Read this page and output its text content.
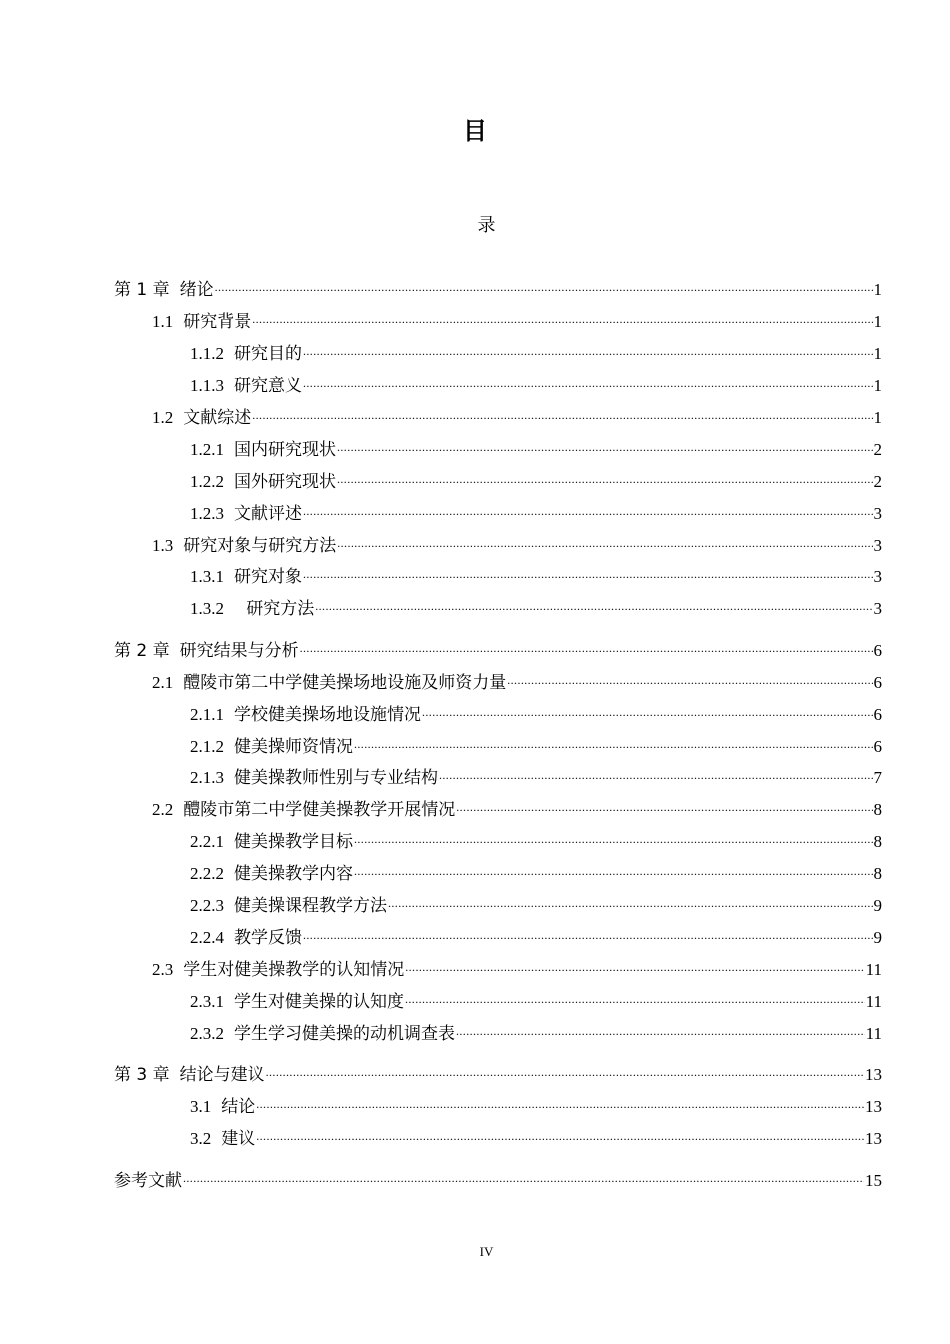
目
录
第 1 章 绪论 .....	1
1.1 研究背景 .....	1
1.1.2 研究目的 .....	1
1.1.3 研究意义 .....	1
1.2 文献综述 .....	1
1.2.1 国内研究现状 .....	2
1.2.2 国外研究现状 .....	2
1.2.3 文献评述 .....	3
1.3 研究对象与研究方法 .....	3
1.3.1 研究对象 .....	3
1.3.2 研究方法 .....	3
第 2 章 研究结果与分析 .....	6
2.1 醴陵市第二中学健美操场地设施及师资力量 .....	6
2.1.1 学校健美操场地设施情况 .....	6
2.1.2 健美操师资情况 .....	6
2.1.3 健美操教师性别与专业结构 .....	7
2.2 醴陵市第二中学健美操教学开展情况 .....	8
2.2.1 健美操教学目标 .....	8
2.2.2 健美操教学内容 .....	8
2.2.3 健美操课程教学方法 .....	9
2.2.4 教学反馈 .....	9
2.3 学生对健美操教学的认知情况 .....	11
2.3.1 学生对健美操的认知度 .....	11
2.3.2 学生学习健美操的动机调查表 .....	11
第 3 章 结论与建议 .....	13
3.1 结论 .....	13
3.2 建议 .....	13
参考文献 .....	15
IV
